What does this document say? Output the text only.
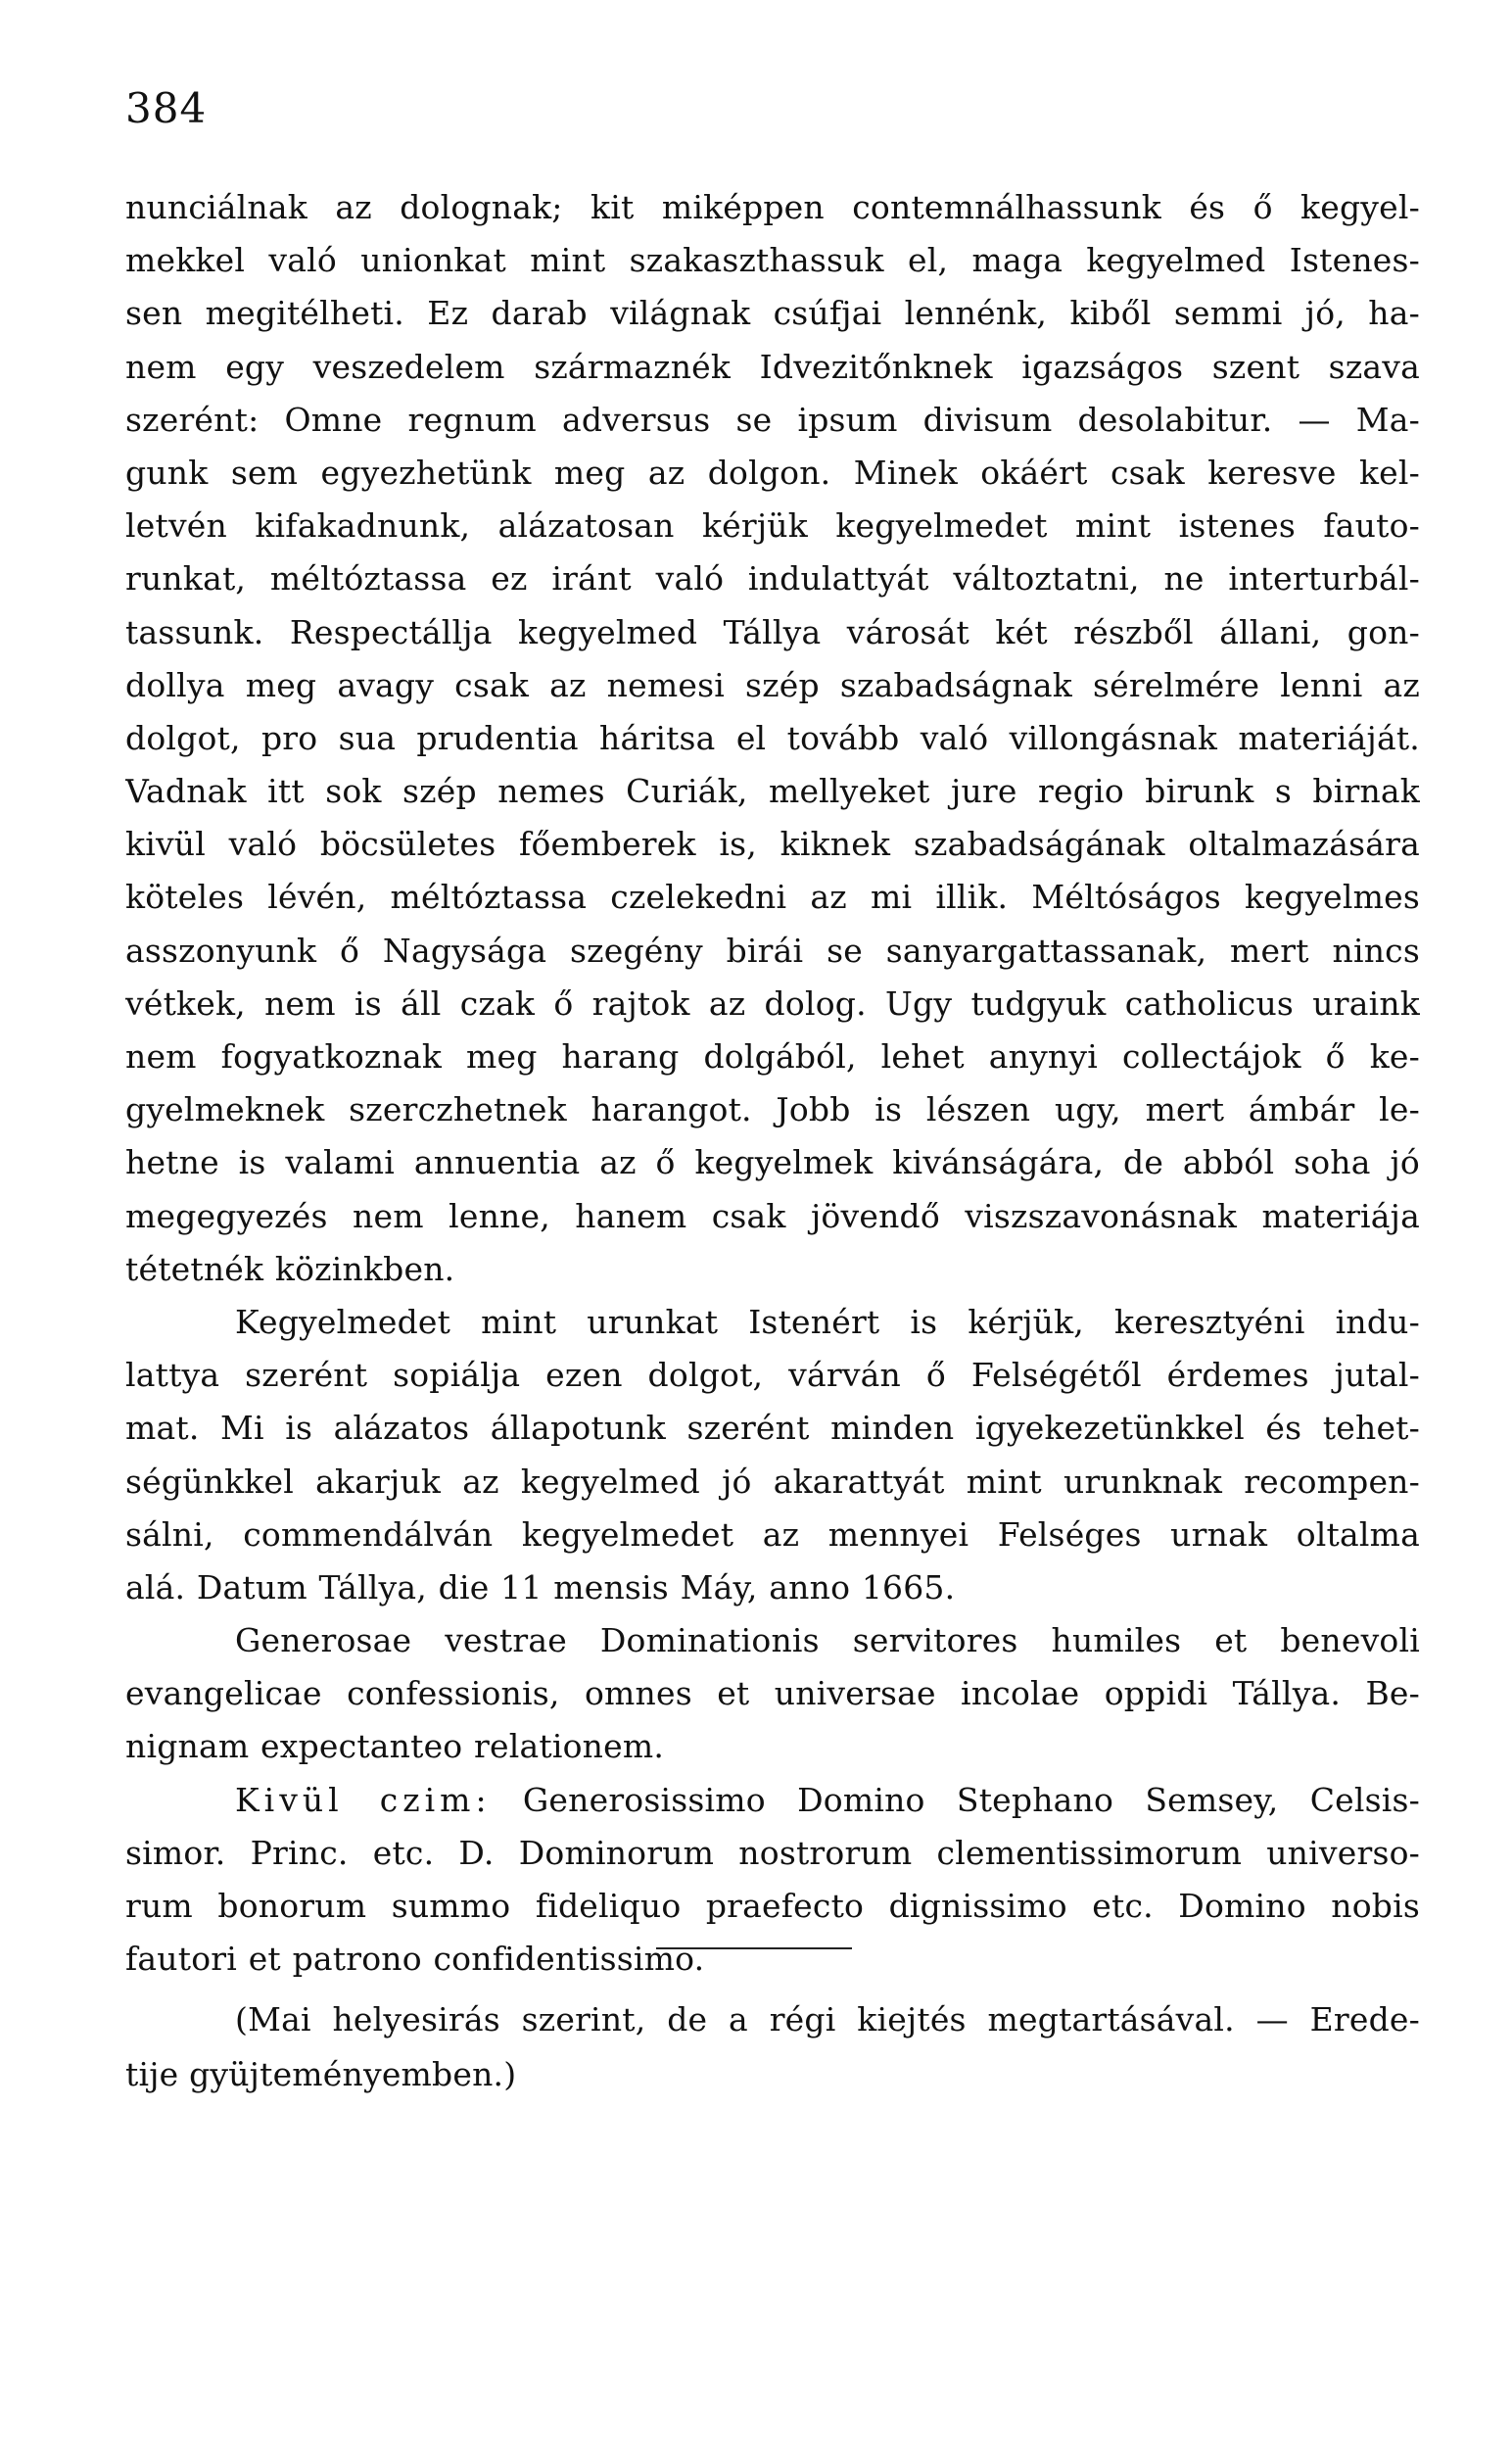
384
nunciálnak az dolognak; kit miképpen contemnálhassunk és ő kegyel-
mekkel való unionkat mint szakaszthassuk el, maga kegyelmed Istenes-
sen megitélheti. Ez darab világnak csúfjai lennénk, kiből semmi jó, ha-
nem egy veszedelem származnék Idvezitőnknek igazságos szent szava
szerént: Omne regnum adversus se ipsum divisum desolabitur. — Ma-
gunk sem egyezhetünk meg az dolgon. Minek okáért csak keresve kel-
letvén kifakadnunk, alázatosan kérjük kegyelmedet mint istenes fauto-
runkat, méltóztassa ez iránt való indulattyát változtatni, ne interturbál-
tassunk. Respectállja kegyelmed Tállya városát két részből állani, gon-
dollya meg avagy csak az nemesi szép szabadságnak sérelmére lenni az
dolgot, pro sua prudentia háritsa el tovább való villongásnak materiáját.
Vadnak itt sok szép nemes Curiák, mellyeket jure regio birunk s birnak
kivül való böcsületes főemberek is, kiknek szabadságának oltalmazására
köteles lévén, méltóztassa czelekedni az mi illik. Méltóságos kegyelmes
asszonyunk ő Nagysága szegény birái se sanyargattassanak, mert nincs
vétkek, nem is áll czak ő rajtok az dolog. Ugy tudgyuk catholicus uraink
nem fogyatkoznak meg harang dolgából, lehet anynyi collectájok ő ke-
gyelmeknek szerczhetnek harangot. Jobb is lészen ugy, mert ámbár le-
hetne is valami annuentia az ő kegyelmek kivánságára, de abból soha jó
megegyezés nem lenne, hanem csak jövendő viszszavonásnak materiája
tétetnék közinkben.
Kegyelmedet mint urunkat Istenért is kérjük, keresztyéni indu-
lattya szerént sopiálja ezen dolgot, várván ő Felségétől érdemes jutal-
mat. Mi is alázatos állapotunk szerént minden igyekezetünkkel és tehet-
ségünkkel akarjuk az kegyelmed jó akarattyát mint urunknak recompen-
sálni, commendálván kegyelmedet az mennyei Felséges urnak oltalma
alá. Datum Tállya, die 11 mensis Máy, anno 1665.
Generosae vestrae Dominationis servitores humiles et benevoli
evangelicae confessionis, omnes et universae incolae oppidi Tállya. Be-
nignam expectanteo relationem.
Kivül czim: Generosissimo Domino Stephano Semsey, Celsis-
simor. Princ. etc. D. Dominorum nostrorum clementissimorum universo-
rum bonorum summo fideliquo praefecto dignissimo etc. Domino nobis
fautori et patrono confidentissimo.
(Mai helyesirás szerint, de a régi kiejtés megtartásával. — Erede-
tije gyüjteményemben.)
